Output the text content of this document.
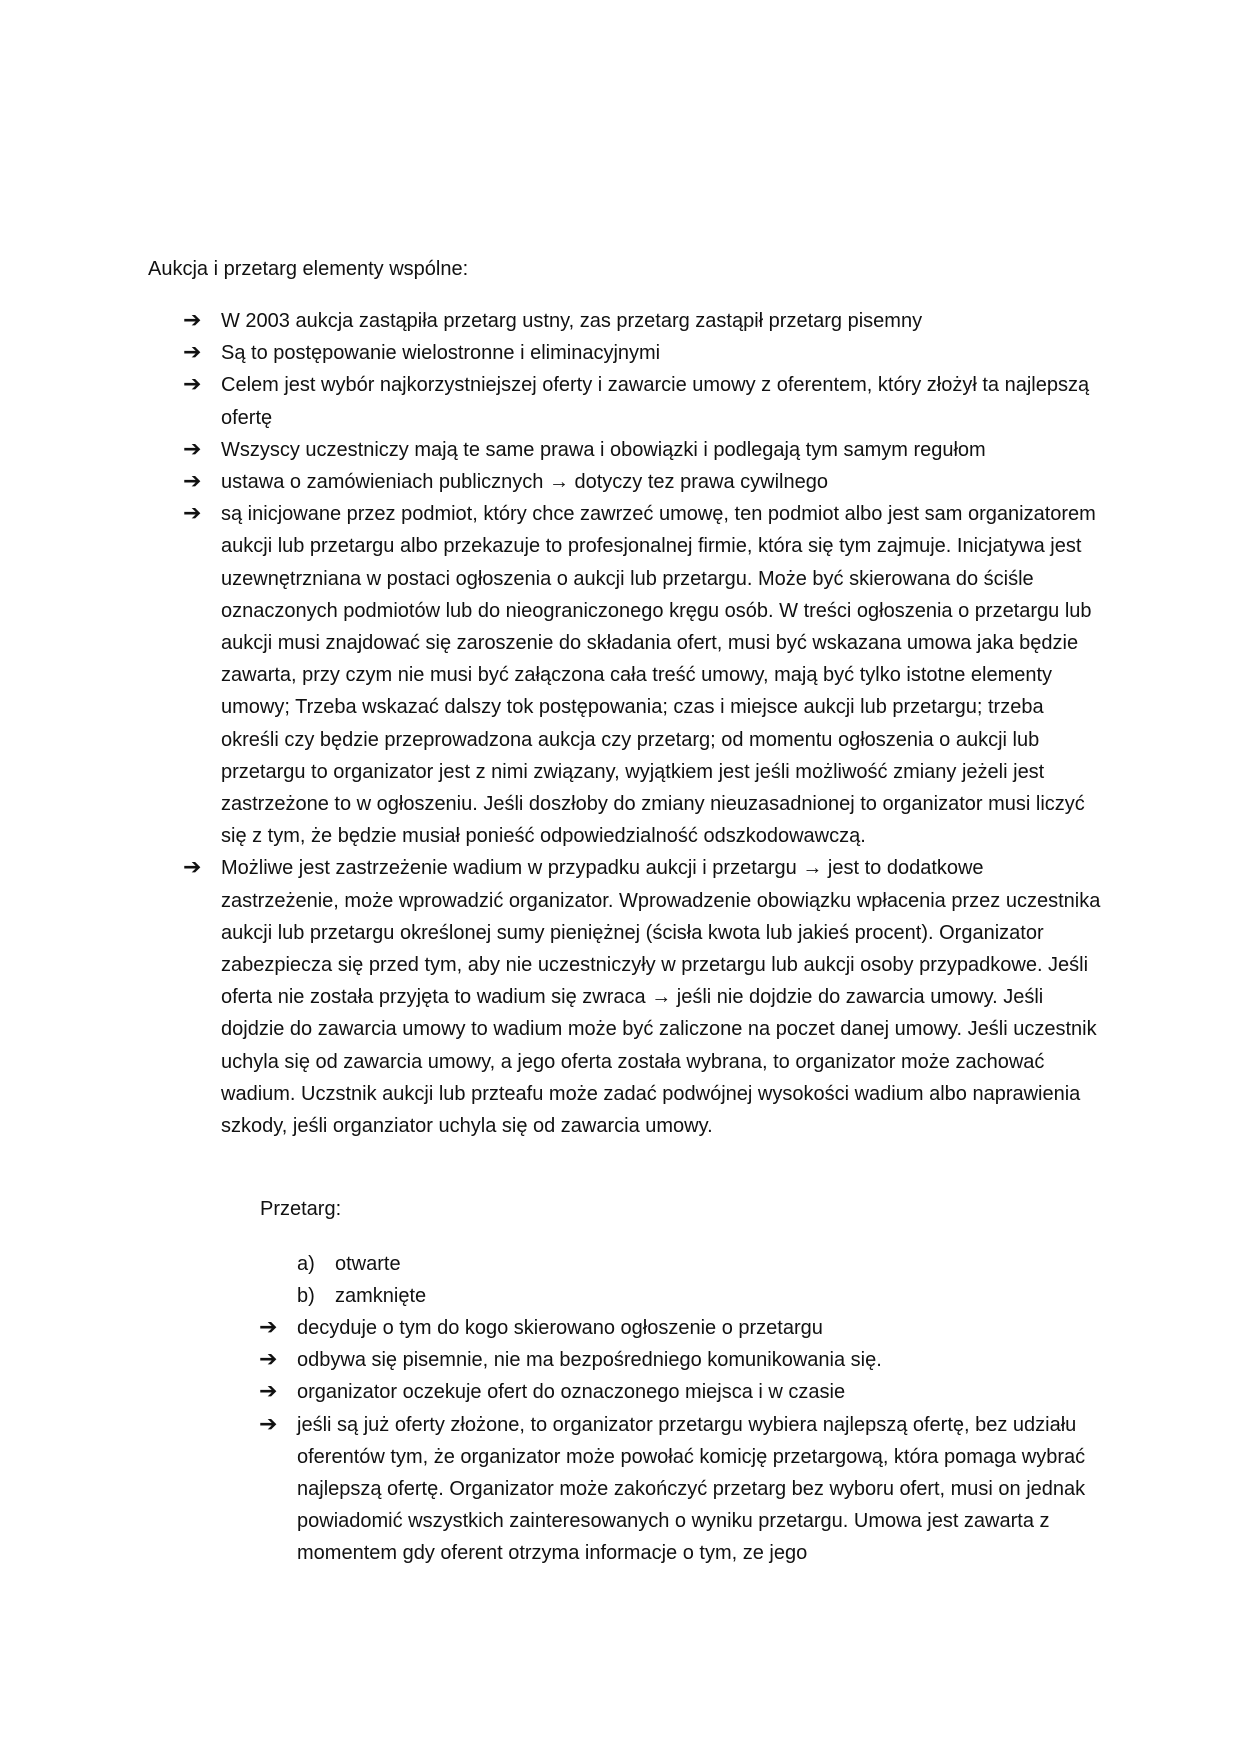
Aukcja i przetarg elementy wspólne:

➔ W 2003 aukcja zastąpiła przetarg ustny, zas przetarg zastąpił przetarg pisemny
➔ Są to postępowanie wielostronne i eliminacyjnymi
➔ Celem jest wybór najkorzystniejszej oferty i zawarcie umowy z oferentem, który złożył ta najlepszą ofertę
➔ Wszyscy uczestniczy mają te same prawa i obowiązki i podlegają tym samym regułom
➔ ustawa o zamówieniach publicznych → dotyczy tez prawa cywilnego
➔ są inicjowane przez podmiot, który chce zawrzeć umowę, ten podmiot albo jest sam organizatorem aukcji lub przetargu albo przekazuje to profesjonalnej firmie, która się tym zajmuje. Inicjatywa jest uzewnętrzniana w postaci ogłoszenia o aukcji lub przetargu. Może być skierowana do ściśle oznaczonych podmiotów lub do nieograniczonego kręgu osób. W treści ogłoszenia o przetargu lub aukcji musi znajdować się zaroszenie do składania ofert, musi być wskazana umowa jaka będzie zawarta, przy czym nie musi być załączona cała treść umowy, mają być tylko istotne elementy umowy; Trzeba wskazać dalszy tok postępowania; czas i miejsce aukcji lub przetargu; trzeba określi czy będzie przeprowadzona aukcja czy przetarg; od momentu ogłoszenia o aukcji lub przetargu to organizator jest z nimi związany, wyjątkiem jest jeśli możliwość zmiany jeżeli jest zastrzeżone to w ogłoszeniu. Jeśli doszłoby do zmiany nieuzasadnionej to organizator musi liczyć się z tym, że będzie musiał ponieść odpowiedzialność odszkodowawczą.
➔ Możliwe jest zastrzeżenie wadium w przypadku aukcji i przetargu → jest to dodatkowe zastrzeżenie, może wprowadzić organizator. Wprowadzenie obowiązku wpłacenia przez uczestnika aukcji lub przetargu określonej sumy pieniężnej (ścisła kwota lub jakieś procent). Organizator zabezpiecza się przed tym, aby nie uczestniczyły w przetargu lub aukcji osoby przypadkowe. Jeśli oferta nie została przyjęta to wadium się zwraca → jeśli nie dojdzie do zawarcia umowy. Jeśli dojdzie do zawarcia umowy to wadium może być zaliczone na poczet danej umowy. Jeśli uczestnik uchyla się od zawarcia umowy, a jego oferta została wybrana, to organizator może zachować wadium. Uczstnik aukcji lub przteafu może zadać podwójnej wysokości wadium albo naprawienia szkody, jeśli organziator uchyla się od zawarcia umowy.

Przetarg:

a) otwarte
b) zamknięte
➔ decyduje o tym do kogo skierowano ogłoszenie o przetargu
➔ odbywa się pisemnie, nie ma bezpośredniego komunikowania się.
➔ organizator oczekuje ofert do oznaczonego miejsca i w czasie
➔ jeśli są już oferty złożone, to organizator przetargu wybiera najlepszą ofertę, bez udziału oferentów tym, że organizator może powołać komicję przetargową, która pomaga wybrać najlepszą ofertę. Organizator może zakończyć przetarg bez wyboru ofert, musi on jednak powiadomić wszystkich zainteresowanych o wyniku przetargu. Umowa jest zawarta z momentem gdy oferent otrzyma informacje o tym, ze jego
